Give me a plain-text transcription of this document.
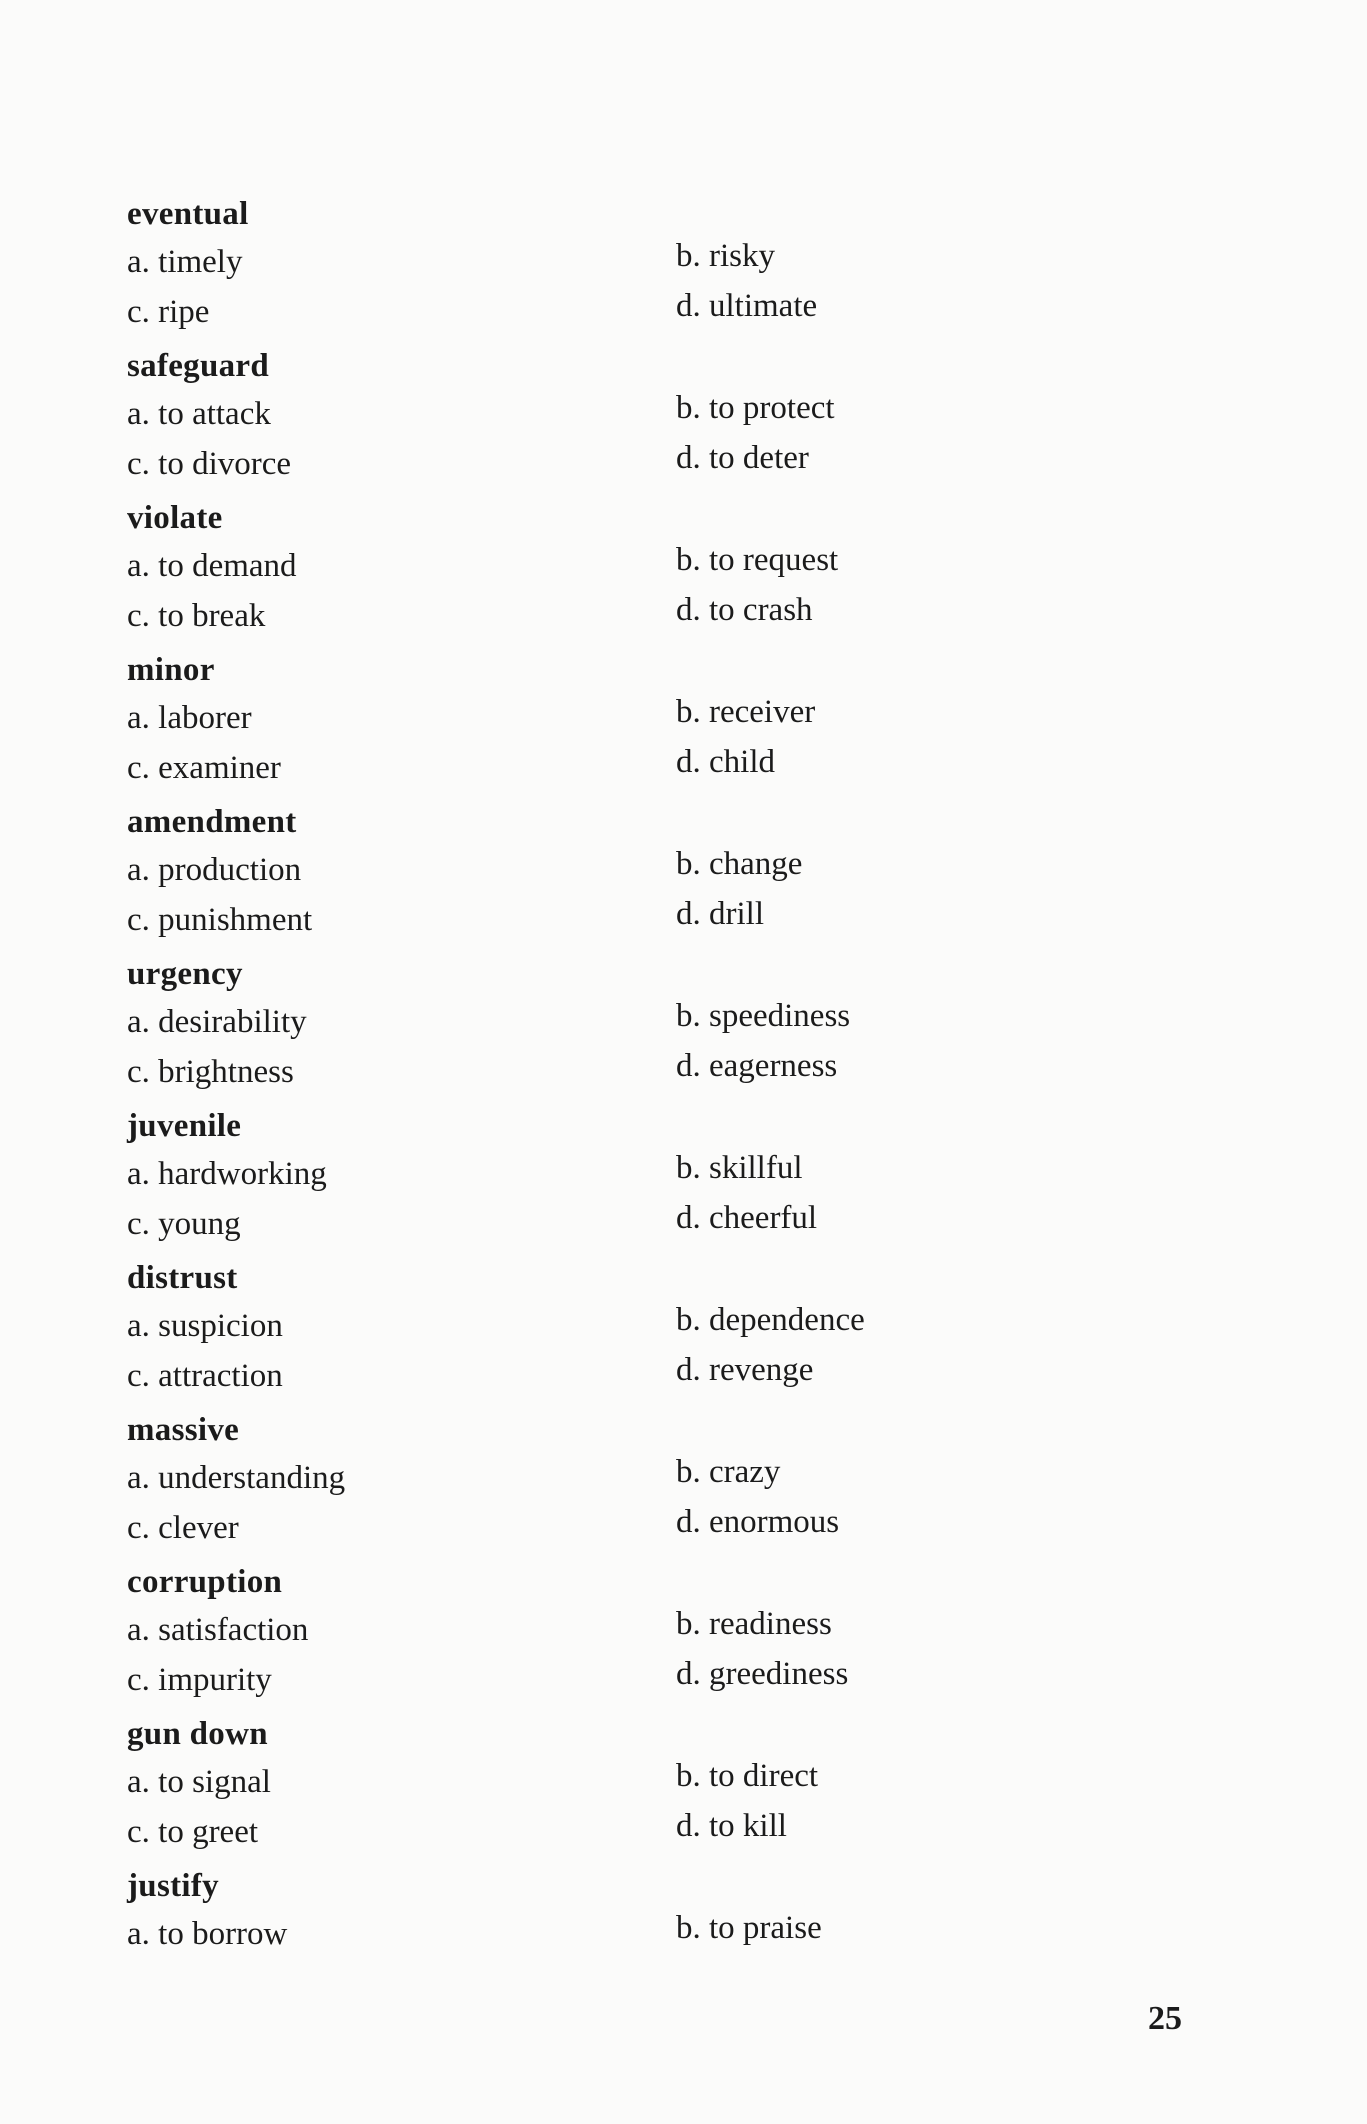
eventual
a. timely	b. risky
c. ripe	d. ultimate
safeguard
a. to attack	b. to protect
c. to divorce	d. to deter
violate
a. to demand	b. to request
c. to break	d. to crash
minor
a. laborer	b. receiver
c. examiner	d. child
amendment
a. production	b. change
c. punishment	d. drill
urgency
a. desirability	b. speediness
c. brightness	d. eagerness
juvenile
a. hardworking	b. skillful
c. young	d. cheerful
distrust
a. suspicion	b. dependence
c. attraction	d. revenge
massive
a. understanding	b. crazy
c. clever	d. enormous
corruption
a. satisfaction	b. readiness
c. impurity	d. greediness
gun down
a. to signal	b. to direct
c. to greet	d. to kill
justify
a. to borrow	b. to praise
25
